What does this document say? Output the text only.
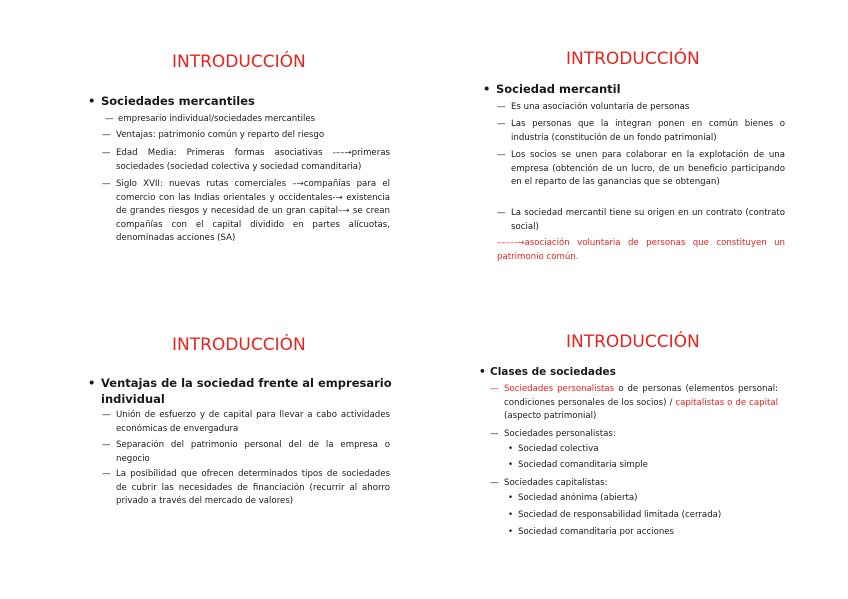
INTRODUCCIÓN
• Sociedades mercantiles
— empresario individual/sociedades mercantiles
— Ventajas: patrimonio común y reparto del riesgo
— Edad Media: Primeras formas asociativas -––→primeras sociedades (sociedad colectiva y sociedad comanditaria)
— Siglo XVII: nuevas rutas comerciales –→compañías para el comercio con las Indias orientales y occidentales-→ existencia de grandes riesgos y necesidad de un gran capital–→ se crean compañías con el capital dividido en partes alícuotas, denominadas acciones (SA)
INTRODUCCIÓN
• Sociedad mercantil
— Es una asociación voluntaria de personas
— Las personas que la integran ponen en común bienes o industria (constitución de un fondo patrimonial)
— Los socios se unen para colaborar en la explotación de una empresa (obtención de un lucro, de un beneficio participando en el reparto de las ganancias que se obtengan)
— La sociedad mercantil tiene su origen en un contrato (contrato social)
––––-→asociación voluntaria de personas que constituyen un patrimonio común.
INTRODUCCIÓN
• Ventajas de la sociedad frente al empresario
individual
— Unión de esfuerzo y de capital para llevar a cabo actividades económicas de envergadura
— Separación del patrimonio personal del de la empresa o negocio
— La posibilidad que ofrecen determinados tipos de sociedades de cubrir las necesidades de financiación (recurrir al ahorro privado a través del mercado de valores)
INTRODUCCIÓN
• Clases de sociedades
— Sociedades personalistas o de personas (elementos personal: condiciones personales de los socios) / capitalistas o de capital (aspecto patrimonial)
— Sociedades personalistas:
• Sociedad colectiva
• Sociedad comanditaria simple
— Sociedades capitalistas:
• Sociedad anónima (abierta)
• Sociedad de responsabilidad limitada (cerrada)
• Sociedad comanditaria por acciones
